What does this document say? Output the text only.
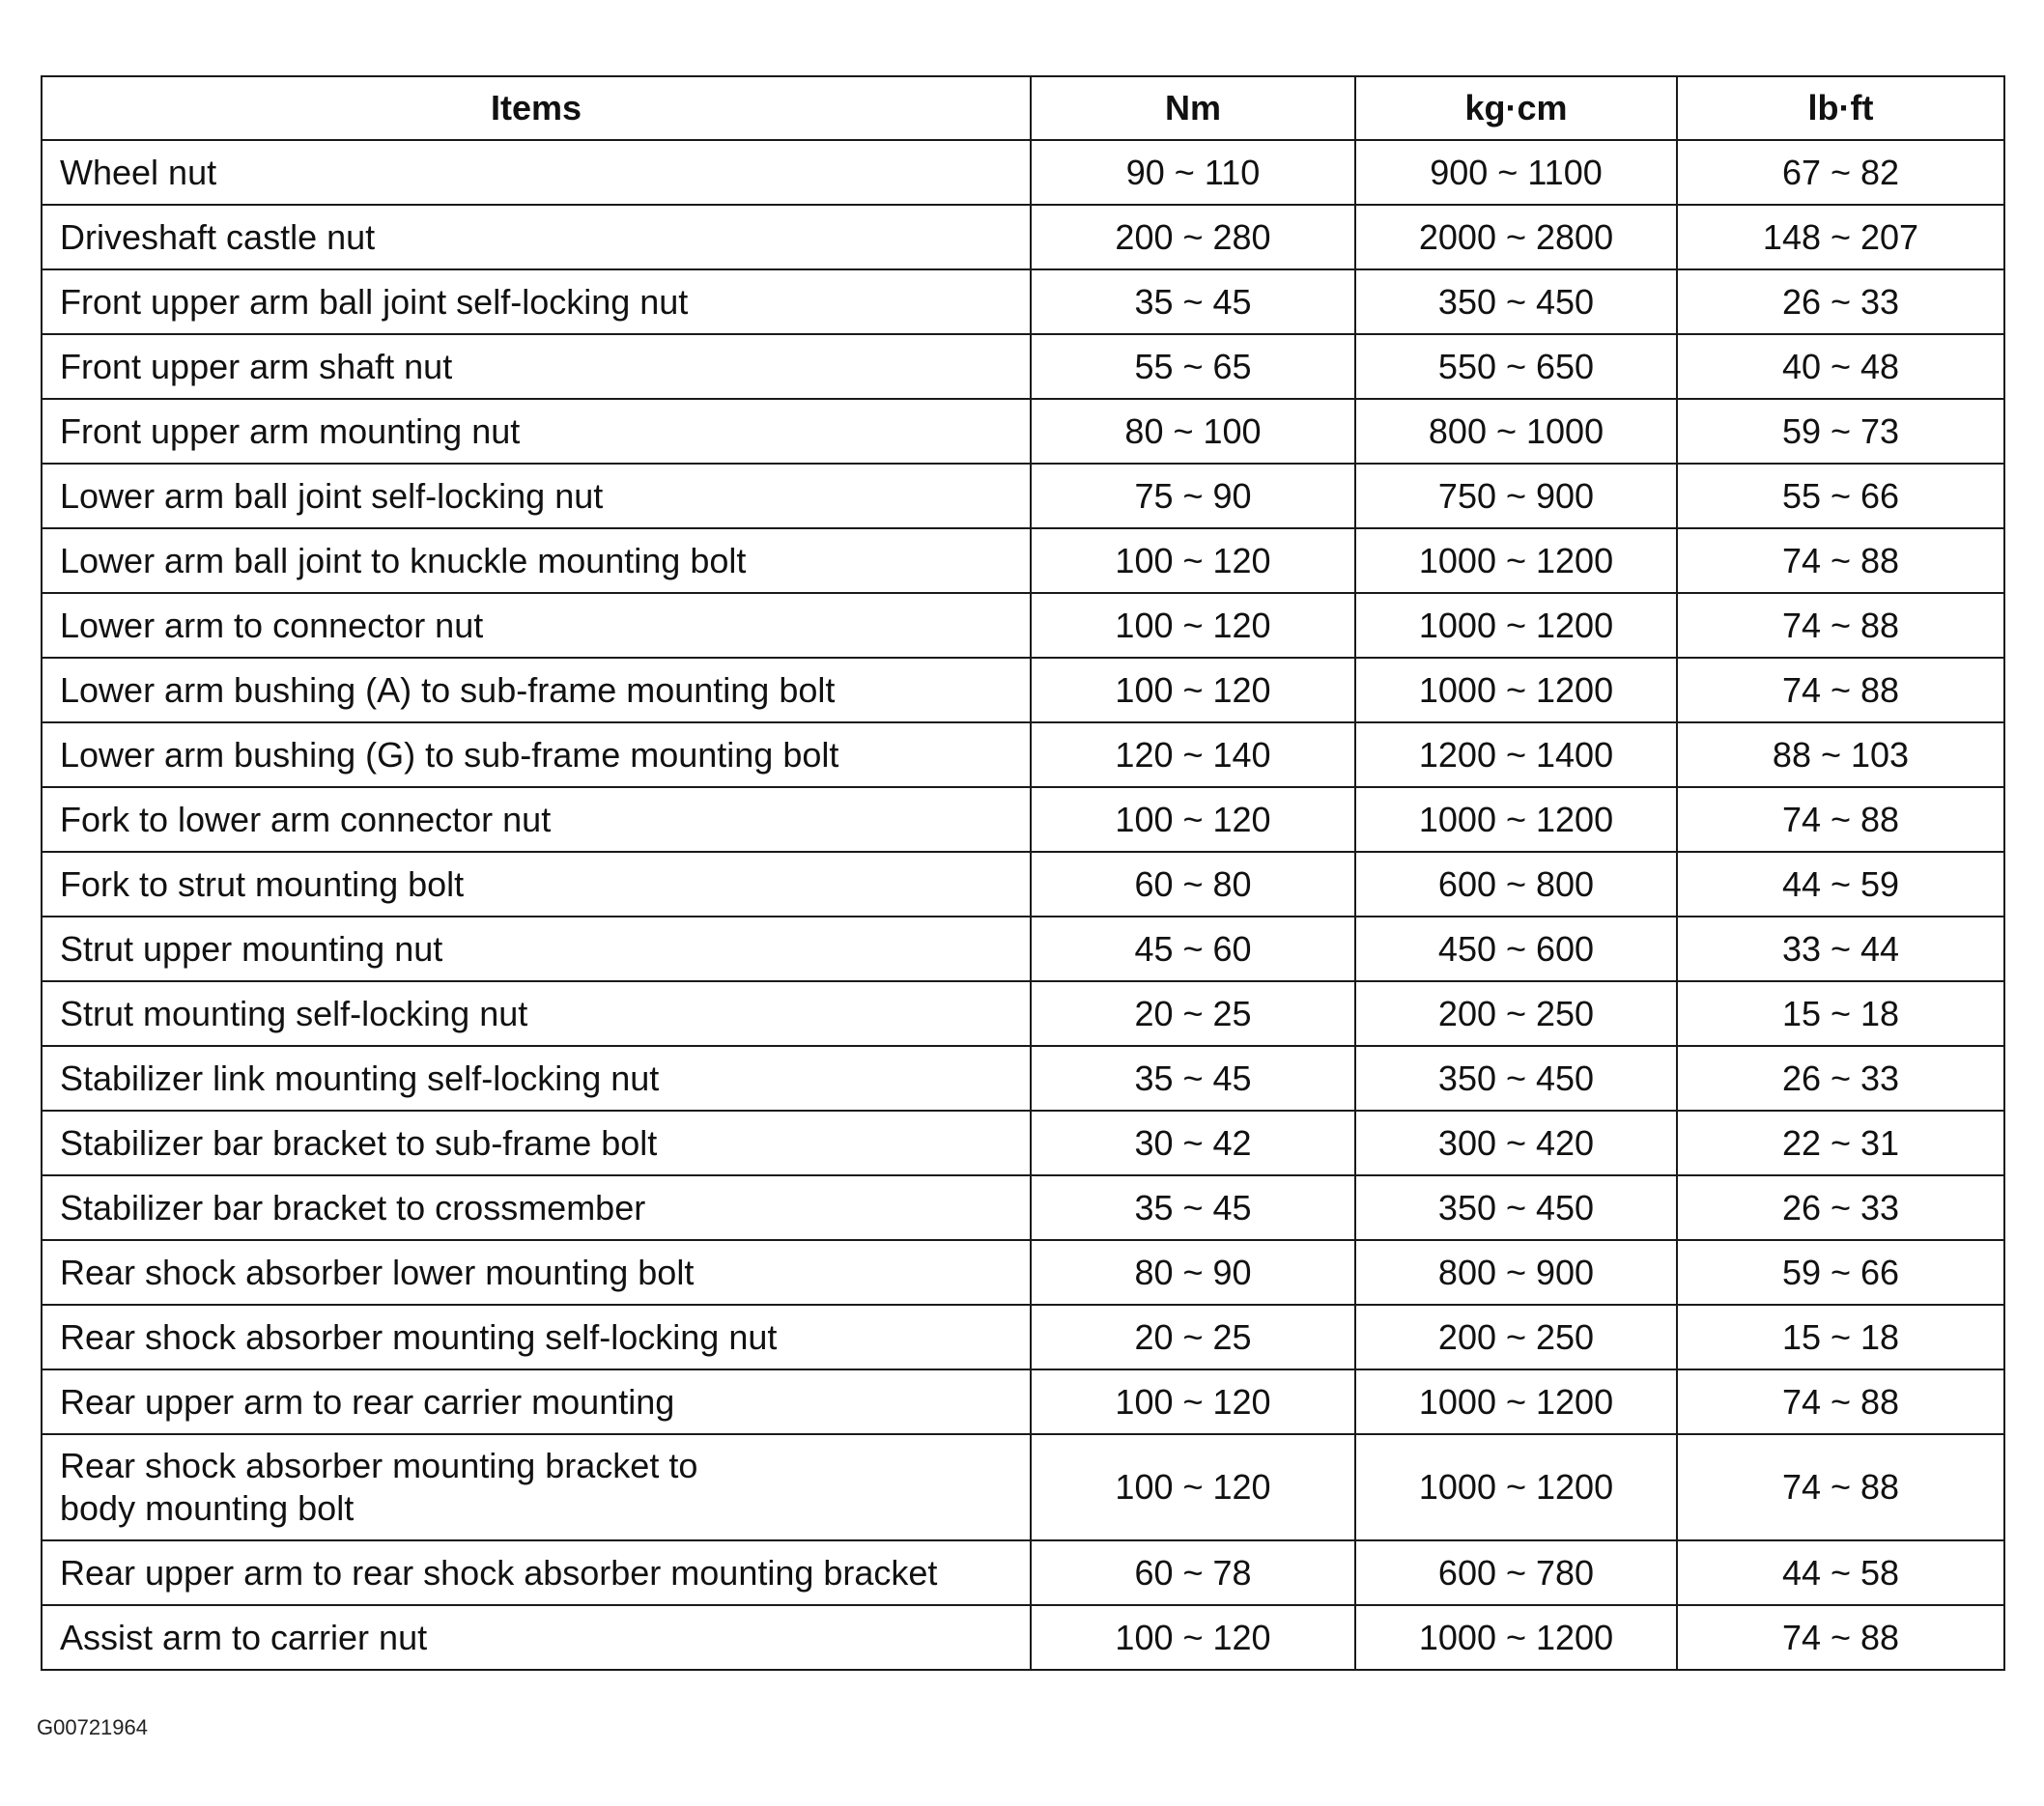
Items	Nm	kg·cm	lb·ft
Wheel nut	90 ~ 110	900 ~ 1100	67 ~ 82
Driveshaft castle nut	200 ~ 280	2000 ~ 2800	148 ~ 207
Front upper arm ball joint self-locking nut	35 ~ 45	350 ~ 450	26 ~ 33
Front upper arm shaft nut	55 ~ 65	550 ~ 650	40 ~ 48
Front upper arm mounting nut	80 ~ 100	800 ~ 1000	59 ~ 73
Lower arm ball joint self-locking nut	75 ~ 90	750 ~ 900	55 ~ 66
Lower arm ball joint to knuckle mounting bolt	100 ~ 120	1000 ~ 1200	74 ~ 88
Lower arm to connector nut	100 ~ 120	1000 ~ 1200	74 ~ 88
Lower arm bushing (A) to sub-frame mounting bolt	100 ~ 120	1000 ~ 1200	74 ~ 88
Lower arm bushing (G) to sub-frame mounting bolt	120 ~ 140	1200 ~ 1400	88 ~ 103
Fork to lower arm connector nut	100 ~ 120	1000 ~ 1200	74 ~ 88
Fork to strut mounting bolt	60 ~ 80	600 ~ 800	44 ~ 59
Strut upper mounting nut	45 ~ 60	450 ~ 600	33 ~ 44
Strut mounting self-locking nut	20 ~ 25	200 ~ 250	15 ~ 18
Stabilizer link mounting self-locking nut	35 ~ 45	350 ~ 450	26 ~ 33
Stabilizer bar bracket to sub-frame bolt	30 ~ 42	300 ~ 420	22 ~ 31
Stabilizer bar bracket to crossmember	35 ~ 45	350 ~ 450	26 ~ 33
Rear shock absorber lower mounting bolt	80 ~ 90	800 ~ 900	59 ~ 66
Rear shock absorber mounting self-locking nut	20 ~ 25	200 ~ 250	15 ~ 18
Rear upper arm to rear carrier mounting	100 ~ 120	1000 ~ 1200	74 ~ 88

Rear shock absorber mounting bracket to
body mounting bolt	100 ~ 120	1000 ~ 1200	74 ~ 88
Rear upper arm to rear shock absorber mounting bracket	60 ~ 78	600 ~ 780	44 ~ 58
Assist arm to carrier nut	100 ~ 120	1000 ~ 1200	74 ~ 88
G00721964
